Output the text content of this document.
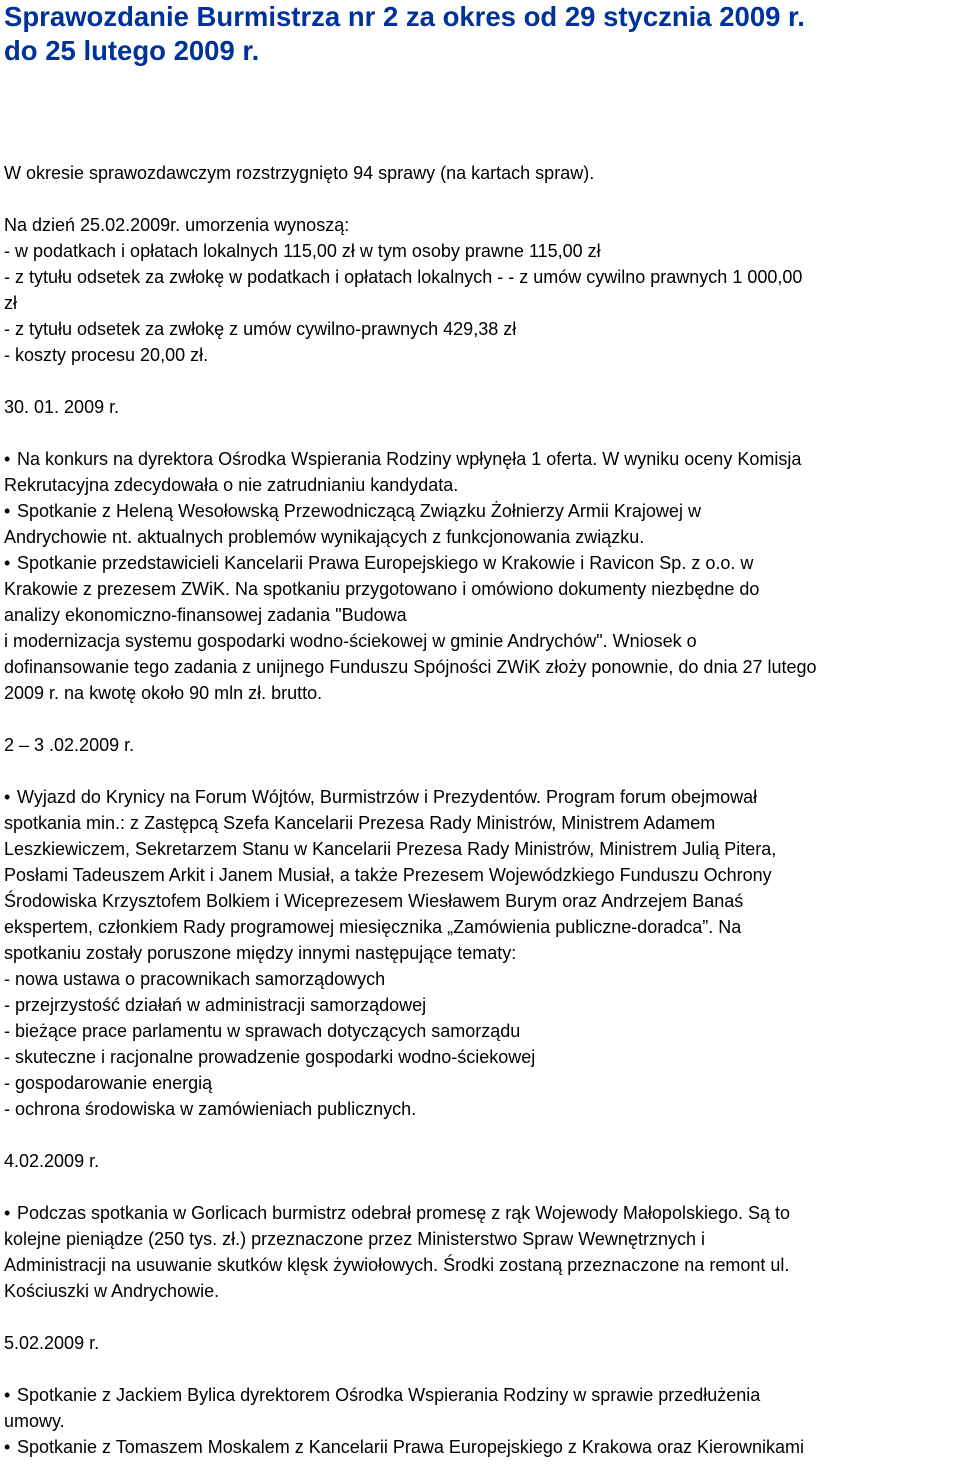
Sprawozdanie Burmistrza nr 2 za okres od 29 stycznia 2009 r.
do 25 lutego 2009 r.
W okresie sprawozdawczym rozstrzygnięto 94 sprawy (na kartach spraw).
Na dzień 25.02.2009r. umorzenia wynoszą:
- w podatkach i opłatach lokalnych 115,00 zł w tym osoby prawne 115,00 zł
- z tytułu odsetek za zwłokę w podatkach i opłatach lokalnych - - z umów cywilno prawnych 1 000,00
zł
- z tytułu odsetek za zwłokę z umów cywilno-prawnych 429,38 zł
- koszty procesu 20,00 zł.
30. 01. 2009 r.
• Na konkurs na dyrektora Ośrodka Wspierania Rodziny wpłynęła 1 oferta. W wyniku oceny Komisja
Rekrutacyjna zdecydowała o nie zatrudnianiu kandydata.
• Spotkanie z Heleną Wesołowską Przewodniczącą Związku Żołnierzy Armii Krajowej w
Andrychowie nt. aktualnych problemów wynikających z funkcjonowania związku.
• Spotkanie przedstawicieli Kancelarii Prawa Europejskiego w Krakowie i Ravicon Sp. z o.o. w
Krakowie z prezesem ZWiK. Na spotkaniu przygotowano i omówiono dokumenty niezbędne do
analizy ekonomiczno-finansowej zadania "Budowa
i modernizacja systemu gospodarki wodno-ściekowej w gminie Andrychów". Wniosek o
dofinansowanie tego zadania z unijnego Funduszu Spójności ZWiK złoży ponownie, do dnia 27 lutego
2009 r. na kwotę około 90 mln zł. brutto.
2 – 3 .02.2009 r.
• Wyjazd do Krynicy na Forum Wójtów, Burmistrzów i Prezydentów. Program forum obejmował
spotkania min.: z Zastępcą Szefa Kancelarii Prezesa Rady Ministrów, Ministrem Adamem
Leszkiewiczem, Sekretarzem Stanu w Kancelarii Prezesa Rady Ministrów, Ministrem Julią Pitera,
Posłami Tadeuszem Arkit i Janem Musiał, a także Prezesem Wojewódzkiego Funduszu Ochrony
Środowiska Krzysztofem Bolkiem i Wiceprezesem Wiesławem Burym oraz Andrzejem Banaś
ekspertem, członkiem Rady programowej miesięcznika „Zamówienia publiczne-doradca”. Na
spotkaniu zostały poruszone między innymi następujące tematy:
- nowa ustawa o pracownikach samorządowych
- przejrzystość działań w administracji samorządowej
- bieżące prace parlamentu w sprawach dotyczących samorządu
- skuteczne i racjonalne prowadzenie gospodarki wodno-ściekowej
- gospodarowanie energią
- ochrona środowiska w zamówieniach publicznych.
4.02.2009 r.
• Podczas spotkania w Gorlicach burmistrz odebrał promesę z rąk Wojewody Małopolskiego. Są to
kolejne pieniądze (250 tys. zł.) przeznaczone przez Ministerstwo Spraw Wewnętrznych i
Administracji na usuwanie skutków klęsk żywiołowych. Środki zostaną przeznaczone na remont ul.
Kościuszki w Andrychowie.
5.02.2009 r.
• Spotkanie z Jackiem Bylica dyrektorem Ośrodka Wspierania Rodziny w sprawie przedłużenia
umowy.
• Spotkanie z Tomaszem Moskalem z Kancelarii Prawa Europejskiego z Krakowa oraz Kierownikami
